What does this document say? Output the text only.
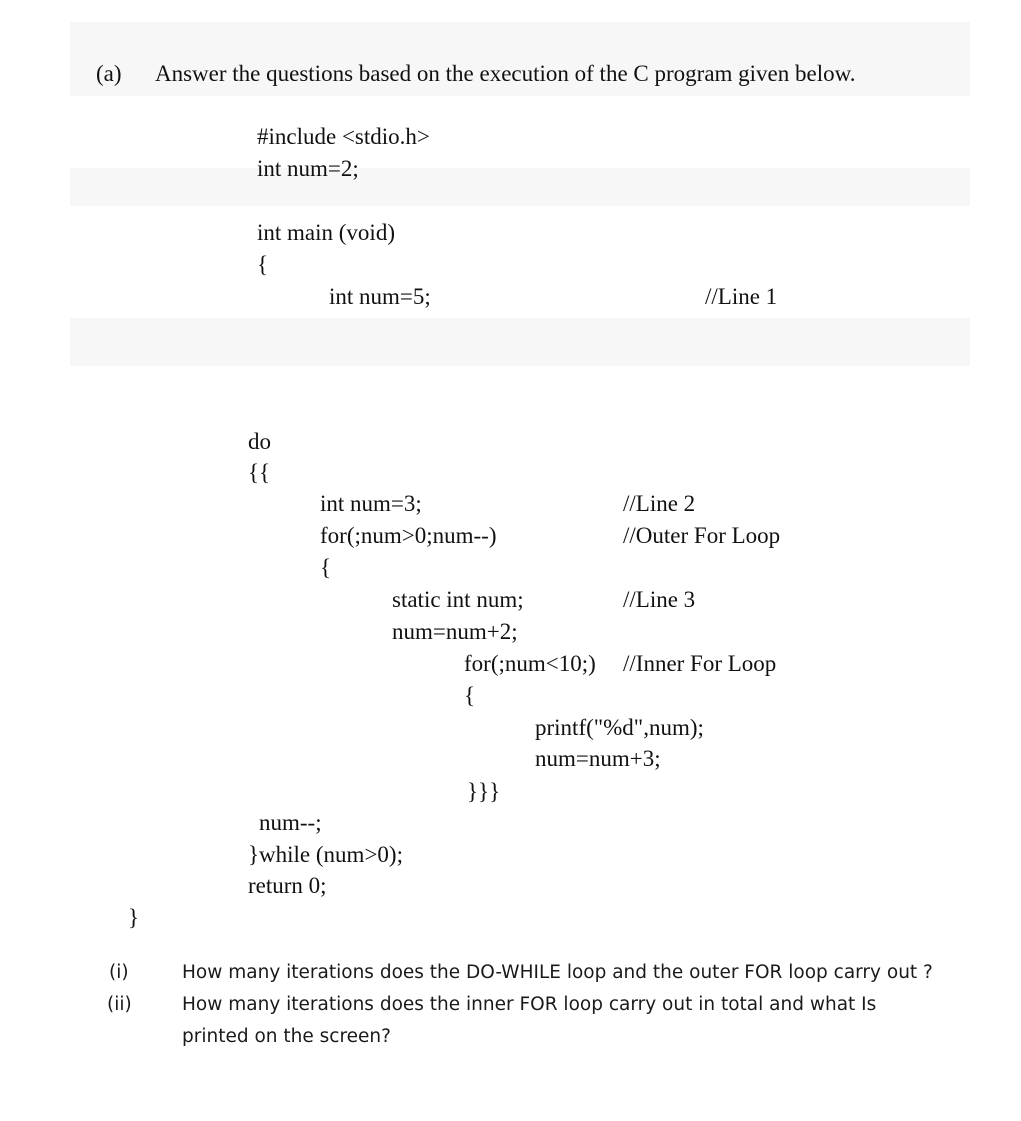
(a) Answer the questions based on the execution of the C program given below.
#include <stdio.h>
int num=2;
int main (void)
{
int num=5;	//Line 1
do
{{
int num=3;	//Line 2
for(;num>0;num--)	//Outer For Loop
{
static int num;	//Line 3
num=num+2;
for(;num<10;) //Inner For Loop
{
printf("%d",num);
num=num+3;
}}}
num--;
}while (num>0);
return 0;
}
(i)	How many iterations does the DO-WHILE loop and the outer FOR loop carry out ?
(ii)	How many iterations does the inner FOR loop carry out in total and what Is
printed on the screen?
